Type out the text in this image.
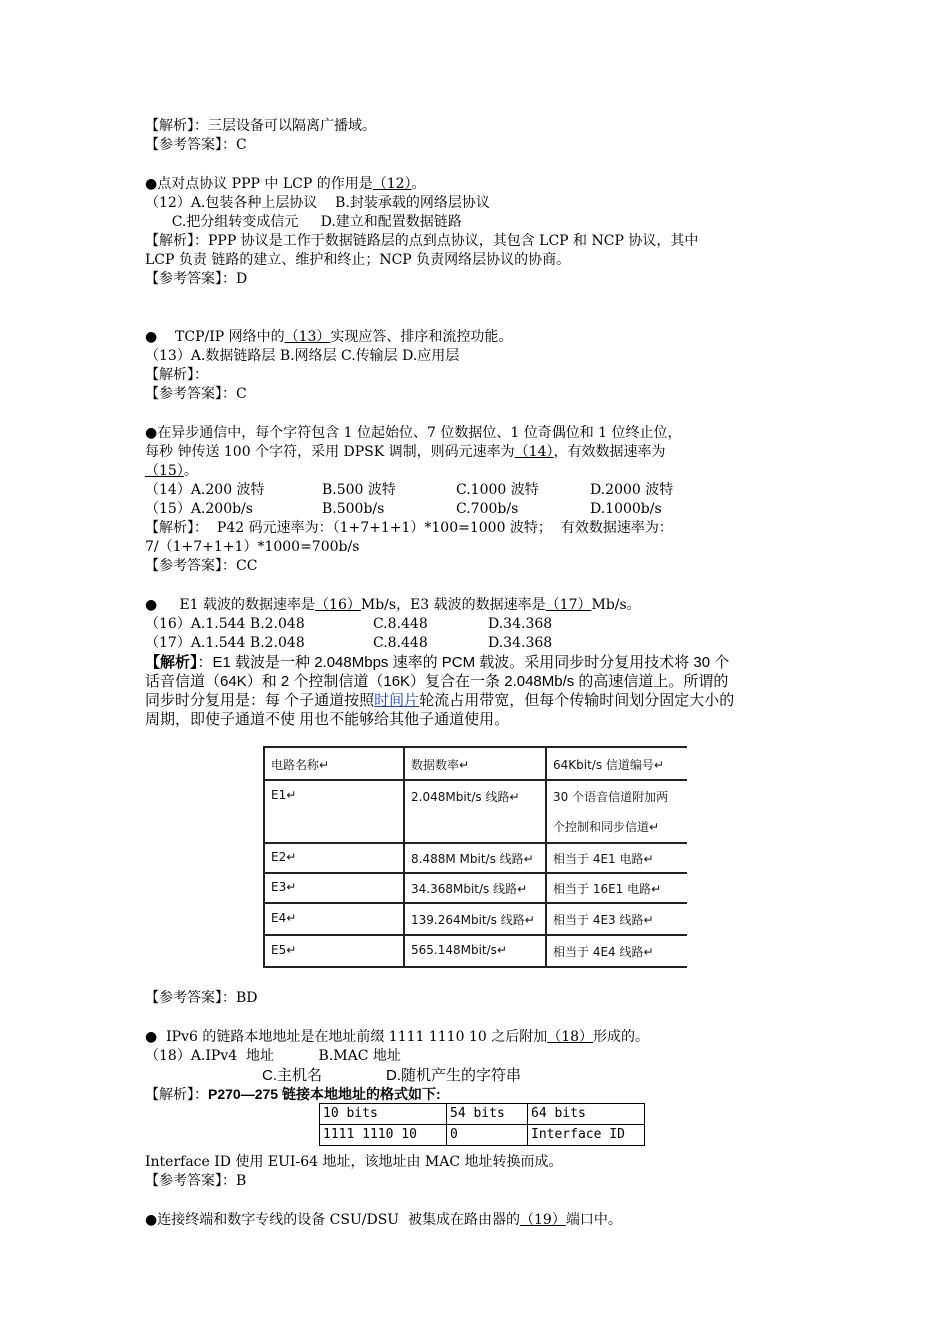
【解析】：三层设备可以隔离广播域。
【参考答案】：C
●点对点协议 PPP 中 LCP 的作用是（12）。
（12）A.包装各种上层协议    B.封装承载的网络层协议
C.把分组转变成信元     D.建立和配置数据链路
【解析】：PPP 协议是工作于数据链路层的点到点协议，其包含 LCP 和 NCP 协议，其中
LCP 负责 链路的建立、维护和终止；NCP 负责网络层协议的协商。
【参考答案】：D
●    TCP/IP 网络中的（13）实现应答、排序和流控功能。
（13）A.数据链路层 B.网络层 C.传输层 D.应用层
【解析】：
【参考答案】：C
●在异步通信中，每个字符包含 1 位起始位、7 位数据位、1 位奇偶位和 1 位终止位，
每秒 钟传送 100 个字符，采用 DPSK 调制，则码元速率为（14），有效数据速率为
（15）。
（14）A.200 波特	B.500 波特	C.1000 波特	D.2000 波特
（15）A.200b/s	B.500b/s	C.700b/s	D.1000b/s
【解析】：  P42 码元速率为：（1+7+1+1）*100=1000 波特；  有效数据速率为：
7/（1+7+1+1）*1000=700b/s
【参考答案】：CC
●     E1 载波的数据速率是（16）Mb/s，E3 载波的数据速率是（17）Mb/s。
（16）A.1.544 B.2.048	C.8.448	D.34.368
（17）A.1.544 B.2.048	C.8.448	D.34.368
【解析】：E1 载波是一种 2.048Mbps 速率的 PCM 载波。采用同步时分复用技术将 30 个
话音信道（64K）和 2 个控制信道（16K）复合在一条 2.048Mb/s 的高速信道上。所谓的
同步时分复用是：每 个子通道按照时间片轮流占用带宽，但每个传输时间划分固定大小的
周期，即使子通道不使 用也不能够给其他子通道使用。
电路名称↵	数据数率↵	64Kbit/s 信道编号↵
E1↵	2.048Mbit/s 线路↵	30 个语音信道附加两
个控制和同步信道↵
E2↵	8.488M Mbit/s 线路↵ 相当于 4E1 电路↵
E3↵	34.368Mbit/s 线路↵ 相当于 16E1 电路↵
E4↵	139.264Mbit/s 线路↵ 相当于 4E3 线路↵
E5↵	565.148Mbit/s↵	相当于 4E4 线路↵
【参考答案】：BD
●  IPv6 的链路本地地址是在地址前缀 1111 1110 10 之后附加（18）形成的。
（18）A.IPv4  地址          B.MAC 地址
C.主机名	D.随机产生的字符串
【解析】：P270—275 链接本地地址的格式如下:
10 bits	54 bits	64 bits
1111 1110 10	0	Interface ID
Interface ID 使用 EUI-64 地址，该地址由 MAC 地址转换而成。
【参考答案】：B
●连接终端和数字专线的设备 CSU/DSU  被集成在路由器的（19）端口中。
